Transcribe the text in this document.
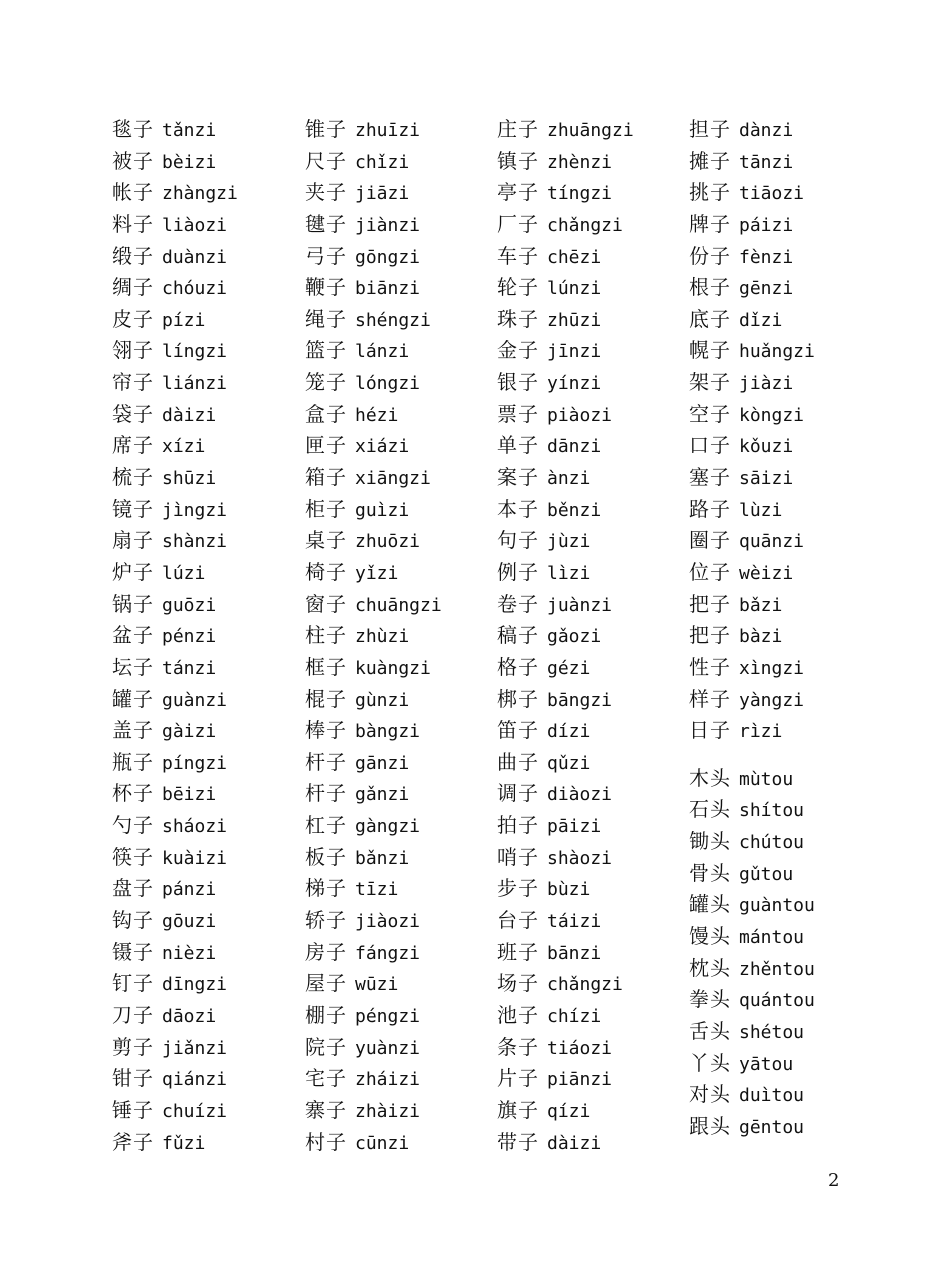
毯子 tǎnzi
被子 bèizi
帐子 zhàngzi
料子 liàozi
缎子 duànzi
绸子 chóuzi
皮子 pízi
翎子 língzi
帘子 liánzi
袋子 dàizi
席子 xízi
梳子 shūzi
镜子 jìngzi
扇子 shànzi
炉子 lúzi
锅子 guōzi
盆子 pénzi
坛子 tánzi
罐子 guànzi
盖子 gàizi
瓶子 píngzi
杯子 bēizi
勺子 sháozi
筷子 kuàizi
盘子 pánzi
钩子 gōuzi
镊子 nièzi
钉子 dīngzi
刀子 dāozi
剪子 jiǎnzi
钳子 qiánzi
锤子 chuízi
斧子 fǔzi
锥子 zhuīzi
尺子 chǐzi
夹子 jiāzi
毽子 jiànzi
弓子 gōngzi
鞭子 biānzi
绳子 shéngzi
篮子 lánzi
笼子 lóngzi
盒子 hézi
匣子 xiázi
箱子 xiāngzi
柜子 guìzi
桌子 zhuōzi
椅子 yǐzi
窗子 chuāngzi
柱子 zhùzi
框子 kuàngzi
棍子 gùnzi
棒子 bàngzi
杆子 gānzi
杆子 gǎnzi
杠子 gàngzi
板子 bǎnzi
梯子 tīzi
轿子 jiàozi
房子 fángzi
屋子 wūzi
棚子 péngzi
院子 yuànzi
宅子 zháizi
寨子 zhàizi
村子 cūnzi
庄子 zhuāngzi
镇子 zhènzi
亭子 tíngzi
厂子 chǎngzi
车子 chēzi
轮子 lúnzi
珠子 zhūzi
金子 jīnzi
银子 yínzi
票子 piàozi
单子 dānzi
案子 ànzi
本子 běnzi
句子 jùzi
例子 lìzi
卷子 juànzi
稿子 gǎozi
格子 gézi
梆子 bāngzi
笛子 dízi
曲子 qǔzi
调子 diàozi
拍子 pāizi
哨子 shàozi
步子 bùzi
台子 táizi
班子 bānzi
场子 chǎngzi
池子 chízi
条子 tiáozi
片子 piānzi
旗子 qízi
带子 dàizi
担子 dànzi
摊子 tānzi
挑子 tiāozi
牌子 páizi
份子 fènzi
根子 gēnzi
底子 dǐzi
幌子 huǎngzi
架子 jiàzi
空子 kòngzi
口子 kǒuzi
塞子 sāizi
路子 lùzi
圈子 quānzi
位子 wèizi
把子 bǎzi
把子 bàzi
性子 xìngzi
样子 yàngzi
日子 rìzi
木头 mùtou
石头 shítou
锄头 chútou
骨头 gǔtou
罐头 guàntou
馒头 mántou
枕头 zhěntou
拳头 quántou
舌头 shétou
丫头 yātou
对头 duìtou
跟头 gēntou
2
